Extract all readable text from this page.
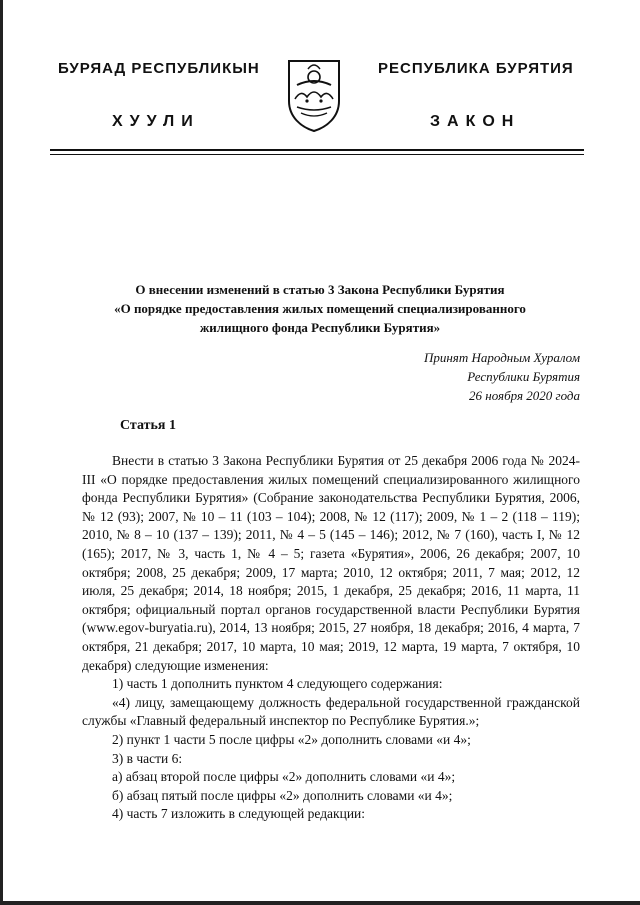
БУРЯАД РЕСПУБЛИКЫН
ХУУЛИ
РЕСПУБЛИКА БУРЯТИЯ
ЗАКОН
О внесении изменений в статью 3 Закона Республики Бурятия
«О порядке предоставления жилых помещений специализированного
жилищного фонда Республики Бурятия»
Принят Народным Хуралом
Республики Бурятия
26 ноября 2020 года
Статья 1

Внести в статью 3 Закона Республики Бурятия от 25 декабря 2006 года № 2024-III «О порядке предоставления жилых помещений специализированного жилищного фонда Республики Бурятия» (Собрание законодательства Республики Бурятия, 2006, № 12 (93); 2007, № 10 – 11 (103 – 104); 2008, № 12 (117); 2009, № 1 – 2 (118 – 119); 2010, № 8 – 10 (137 – 139); 2011, № 4 – 5 (145 – 146); 2012, № 7 (160), часть I, № 12 (165); 2017, № 3, часть 1, № 4 – 5; газета «Бурятия», 2006, 26 декабря; 2007, 10 октября; 2008, 25 декабря; 2009, 17 марта; 2010, 12 октября; 2011, 7 мая; 2012, 12 июля, 25 декабря; 2014, 18 ноября; 2015, 1 декабря, 25 декабря; 2016, 11 марта, 11 октября; официальный портал органов государственной власти Республики Бурятия (www.egov-buryatia.ru), 2014, 13 ноября; 2015, 27 ноября, 18 декабря; 2016, 4 марта, 7 октября, 21 декабря; 2017, 10 марта, 10 мая; 2019, 12 марта, 19 марта, 7 октября, 10 декабря) следующие изменения:

1) часть 1 дополнить пунктом 4 следующего содержания:

«4) лицу, замещающему должность федеральной государственной гражданской службы «Главный федеральный инспектор по Республике Бурятия.»;

2) пункт 1 части 5 после цифры «2» дополнить словами «и 4»;

3) в части 6:

а) абзац второй после цифры «2» дополнить словами «и 4»;

б) абзац пятый после цифры «2» дополнить словами «и 4»;

4) часть 7 изложить в следующей редакции:
